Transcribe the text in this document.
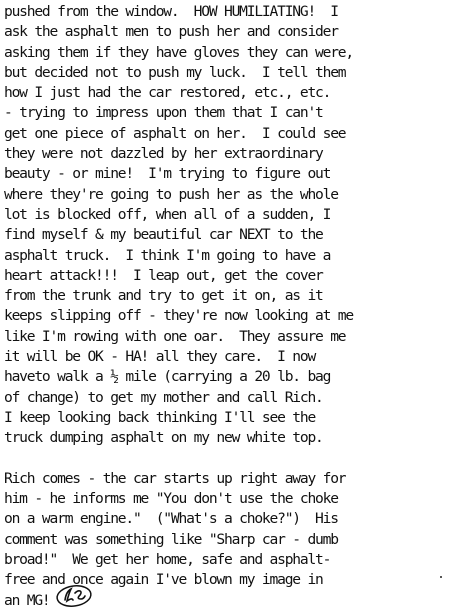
pushed from the window.  HOW HUMILIATING!  I
ask the asphalt men to push her and consider
asking them if they have gloves they can were,
but decided not to push my luck.  I tell them
how I just had the car restored, etc., etc.
- trying to impress upon them that I can't
get one piece of asphalt on her.  I could see
they were not dazzled by her extraordinary
beauty - or mine!  I'm trying to figure out
where they're going to push her as the whole
lot is blocked off, when all of a sudden, I
find myself & my beautiful car NEXT to the
asphalt truck.  I think I'm going to have a
heart attack!!!  I leap out, get the cover
from the trunk and try to get it on, as it
keeps slipping off - they're now looking at me
like I'm rowing with one oar.  They assure me
it will be OK - HA! all they care.  I now
haveto walk a ½ mile (carrying a 20 lb. bag
of change) to get my mother and call Rich.
I keep looking back thinking I'll see the
truck dumping asphalt on my new white top.
Rich comes - the car starts up right away for
him - he informs me "You don't use the choke
on a warm engine."  ("What's a choke?")  His
comment was something like "Sharp car - dumb
broad!"  We get her home, safe and asphalt-
free and once again I've blown my image in
an MG!
